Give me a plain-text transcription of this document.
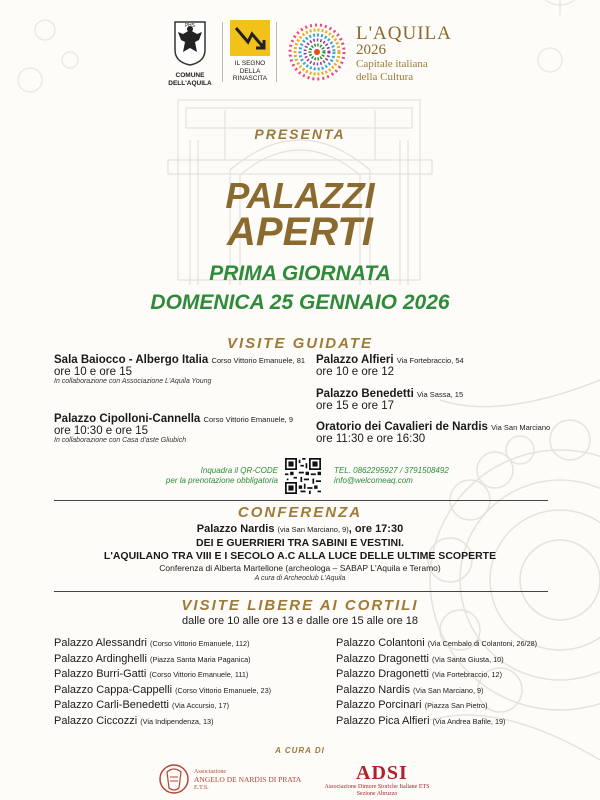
PHS
COMUNE DELL'AQUILA
IL SEGNO
DELLA
RINASCITA
L'AQUILA
2026
Capitale italiana
della Cultura
PRESENTA
PALAZZI
APERTI
PRIMA GIORNATA
DOMENICA 25 GENNAIO 2026
VISITE GUIDATE
Sala Baiocco - Albergo Italia Corso Vittorio Emanuele, 81
ore 10 e ore 15
In collaborazione con Associazione L'Aquila Young
Palazzo Cipolloni-Cannella Corso Vittorio Emanuele, 9
ore 10:30 e ore 15
In collaborazione con Casa d'aste Gliubich
Palazzo Alfieri Via Fortebraccio, 54
ore 10 e ore 12
Palazzo Benedetti Via Sassa, 15
ore 15 e ore 17
Oratorio dei Cavalieri de Nardis Via San Marciano
ore 11:30 e ore 16:30
Inquadra il QR-CODE
per la prenotazione obbligatoria
TEL. 0862295927 / 3791508492
info@welcomeaq.com
CONFERENZA
Palazzo Nardis (via San Marciano, 9), ore 17:30
DEI E GUERRIERI TRA SABINI E VESTINI.
L'AQUILANO TRA VIII E I SECOLO A.C ALLA LUCE DELLE ULTIME SCOPERTE
Conferenza di Alberta Martellone (archeologa – SABAP L'Aquila e Teramo)
A cura di Archeoclub L'Aquila
VISITE LIBERE AI CORTILI
dalle ore 10 alle ore 13 e dalle ore 15 alle ore 18
Palazzo Alessandri (Corso Vittorio Emanuele, 112)
Palazzo Ardinghelli (Piazza Santa Maria Paganica)
Palazzo Burri-Gatti (Corso Vittorio Emanuele, 111)
Palazzo Cappa-Cappelli (Corso Vittorio Emanuele, 23)
Palazzo Carli-Benedetti (Via Accursio, 17)
Palazzo Ciccozzi (Via Indipendenza, 13)
Palazzo Colantoni (Via Cembalo di Colantoni, 26/28)
Palazzo Dragonetti (Via Santa Giusta, 10)
Palazzo Dragonetti (Via Fortebraccio, 12)
Palazzo Nardis (Via San Marciano, 9)
Palazzo Porcinari (Piazza San Pietro)
Palazzo Pica Alfieri (Via Andrea Bafile, 19)
A CURA DI
Associazione
ANGELO DE NARDIS DI PRATA
E.T.S.
ADSI
Associazione Dimore Storiche Italiane ETS
Sezione Abruzzo
